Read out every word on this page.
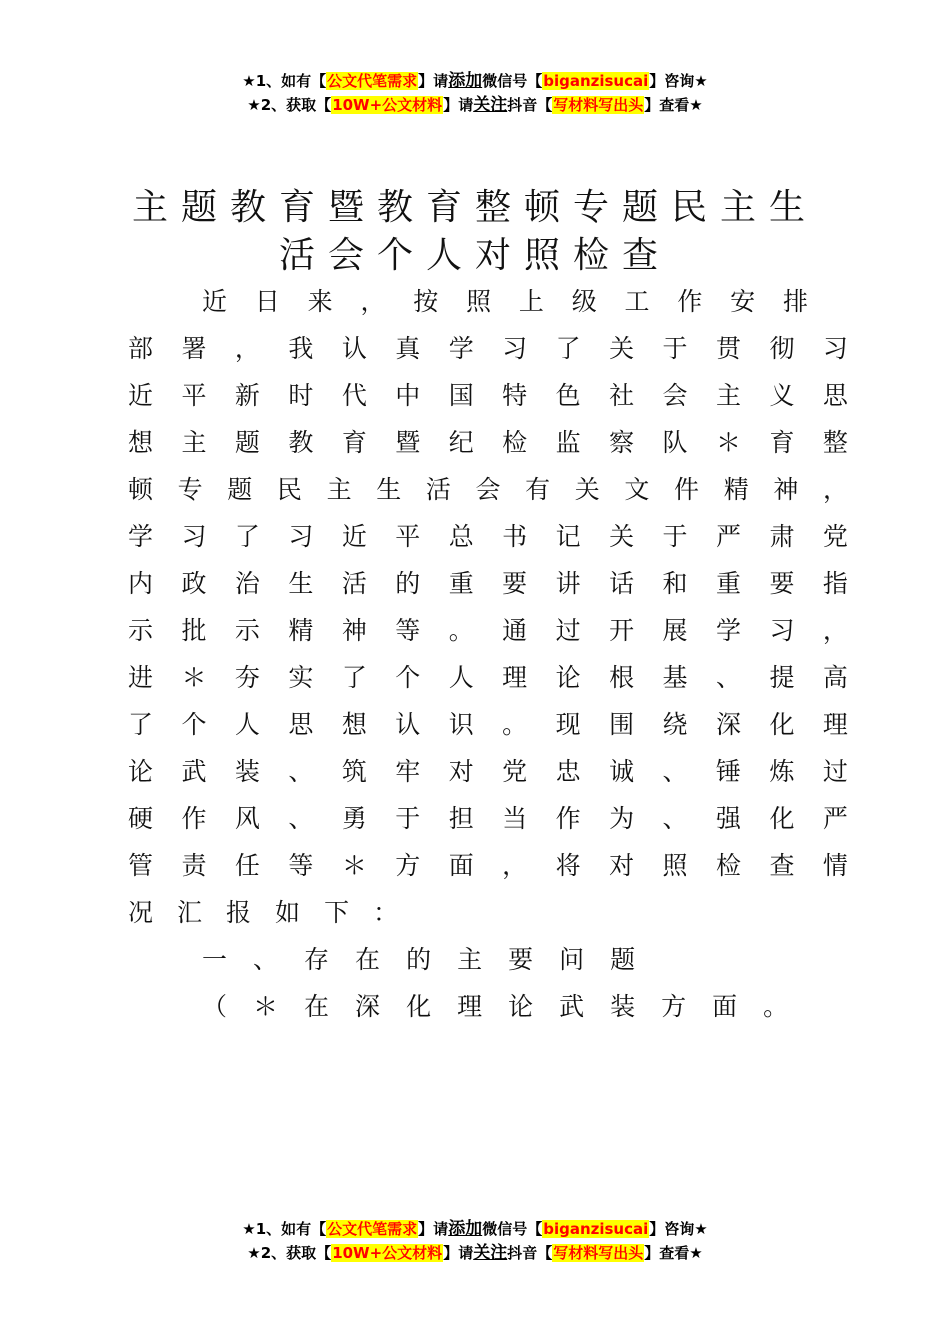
★1、如有【公文代笔需求】请添加微信号【biganzisucai】咨询★
★2、获取【10W+公文材料】请关注抖音【写材料写出头】查看★
主题教育暨教育整顿专题民主生
活会个人对照检查
近 日 来 ， 按 照 上 级 工 作 安 排
部 署 ， 我 认 真 学 习 了 关 于 贯 彻 习
近 平 新 时 代 中 国 特 色 社 会 主 义 思
想 主 题 教 育 暨 纪 检 监 察 队 ＊ 育 整
顿 专 题 民 主 生 活 会 有 关 文 件 精 神 ，
学 习 了 习 近 平 总 书 记 关 于 严 肃 党
内 政 治 生 活 的 重 要 讲 话 和 重 要 指
示 批 示 精 神 等 。 通 过 开 展 学 习 ，
进 ＊ 夯 实 了 个 人 理 论 根 基 、 提 高
了 个 人 思 想 认 识 。 现 围 绕 深 化 理
论 武 装 、 筑 牢 对 党 忠 诚 、 锤 炼 过
硬 作 风 、 勇 于 担 当 作 为 、 强 化 严
管 责 任 等 ＊ 方 面 ， 将 对 照 检 查 情
况 汇 报 如 下 ：
一 、 存 在 的 主 要 问 题
（ ＊ 在 深 化 理 论 武 装 方 面 。
★1、如有【公文代笔需求】请添加微信号【biganzisucai】咨询★
★2、获取【10W+公文材料】请关注抖音【写材料写出头】查看★
